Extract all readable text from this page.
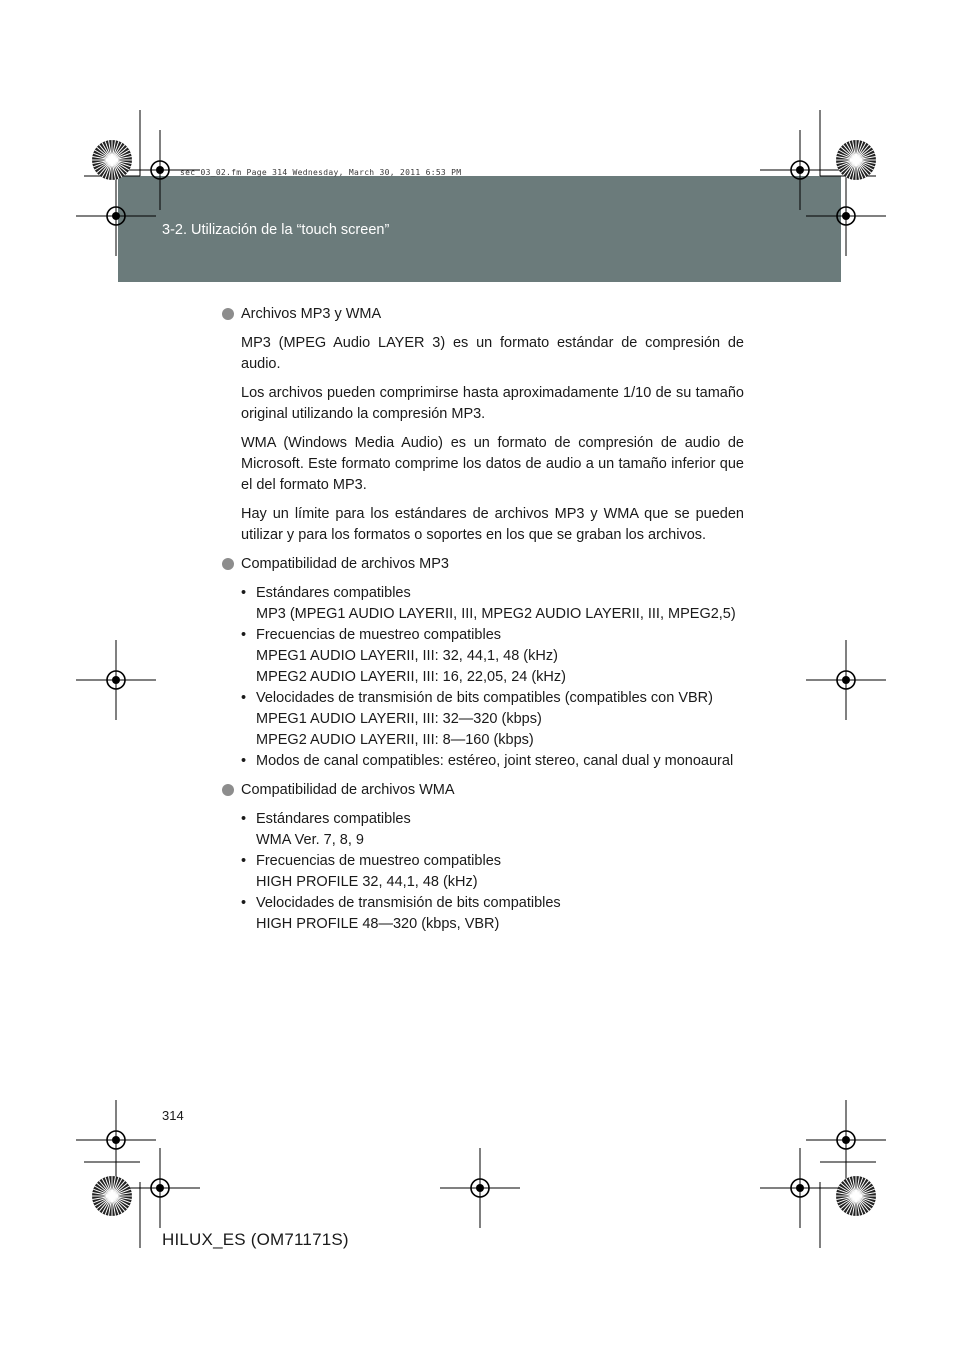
sec_03_02.fm Page 314 Wednesday, March 30, 2011 6:53 PM
3-2. Utilización de la “touch screen”
Archivos MP3 y WMA

MP3 (MPEG Audio LAYER 3) es un formato estándar de compresión de audio.

Los archivos pueden comprimirse hasta aproximadamente 1/10 de su tamaño original utilizando la compresión MP3.

WMA (Windows Media Audio) es un formato de compresión de audio de Microsoft. Este formato comprime los datos de audio a un tamaño inferior que el del formato MP3.

Hay un límite para los estándares de archivos MP3 y WMA que se pueden utilizar y para los formatos o soportes en los que se graban los archivos.

Compatibilidad de archivos MP3
• Estándares compatibles
MP3 (MPEG1 AUDIO LAYERII, III, MPEG2 AUDIO LAYERII, III, MPEG2,5)
• Frecuencias de muestreo compatibles
MPEG1 AUDIO LAYERII, III: 32, 44,1, 48 (kHz)
MPEG2 AUDIO LAYERII, III: 16, 22,05, 24 (kHz)
• Velocidades de transmisión de bits compatibles (compatibles con VBR)
MPEG1 AUDIO LAYERII, III: 32—320 (kbps)
MPEG2 AUDIO LAYERII, III: 8—160 (kbps)
• Modos de canal compatibles: estéreo, joint stereo, canal dual y monoaural
Compatibilidad de archivos WMA
• Estándares compatibles
WMA Ver. 7, 8, 9
• Frecuencias de muestreo compatibles
HIGH PROFILE 32, 44,1, 48 (kHz)
• Velocidades de transmisión de bits compatibles
HIGH PROFILE 48—320 (kbps, VBR)
314
HILUX_ES (OM71171S)
